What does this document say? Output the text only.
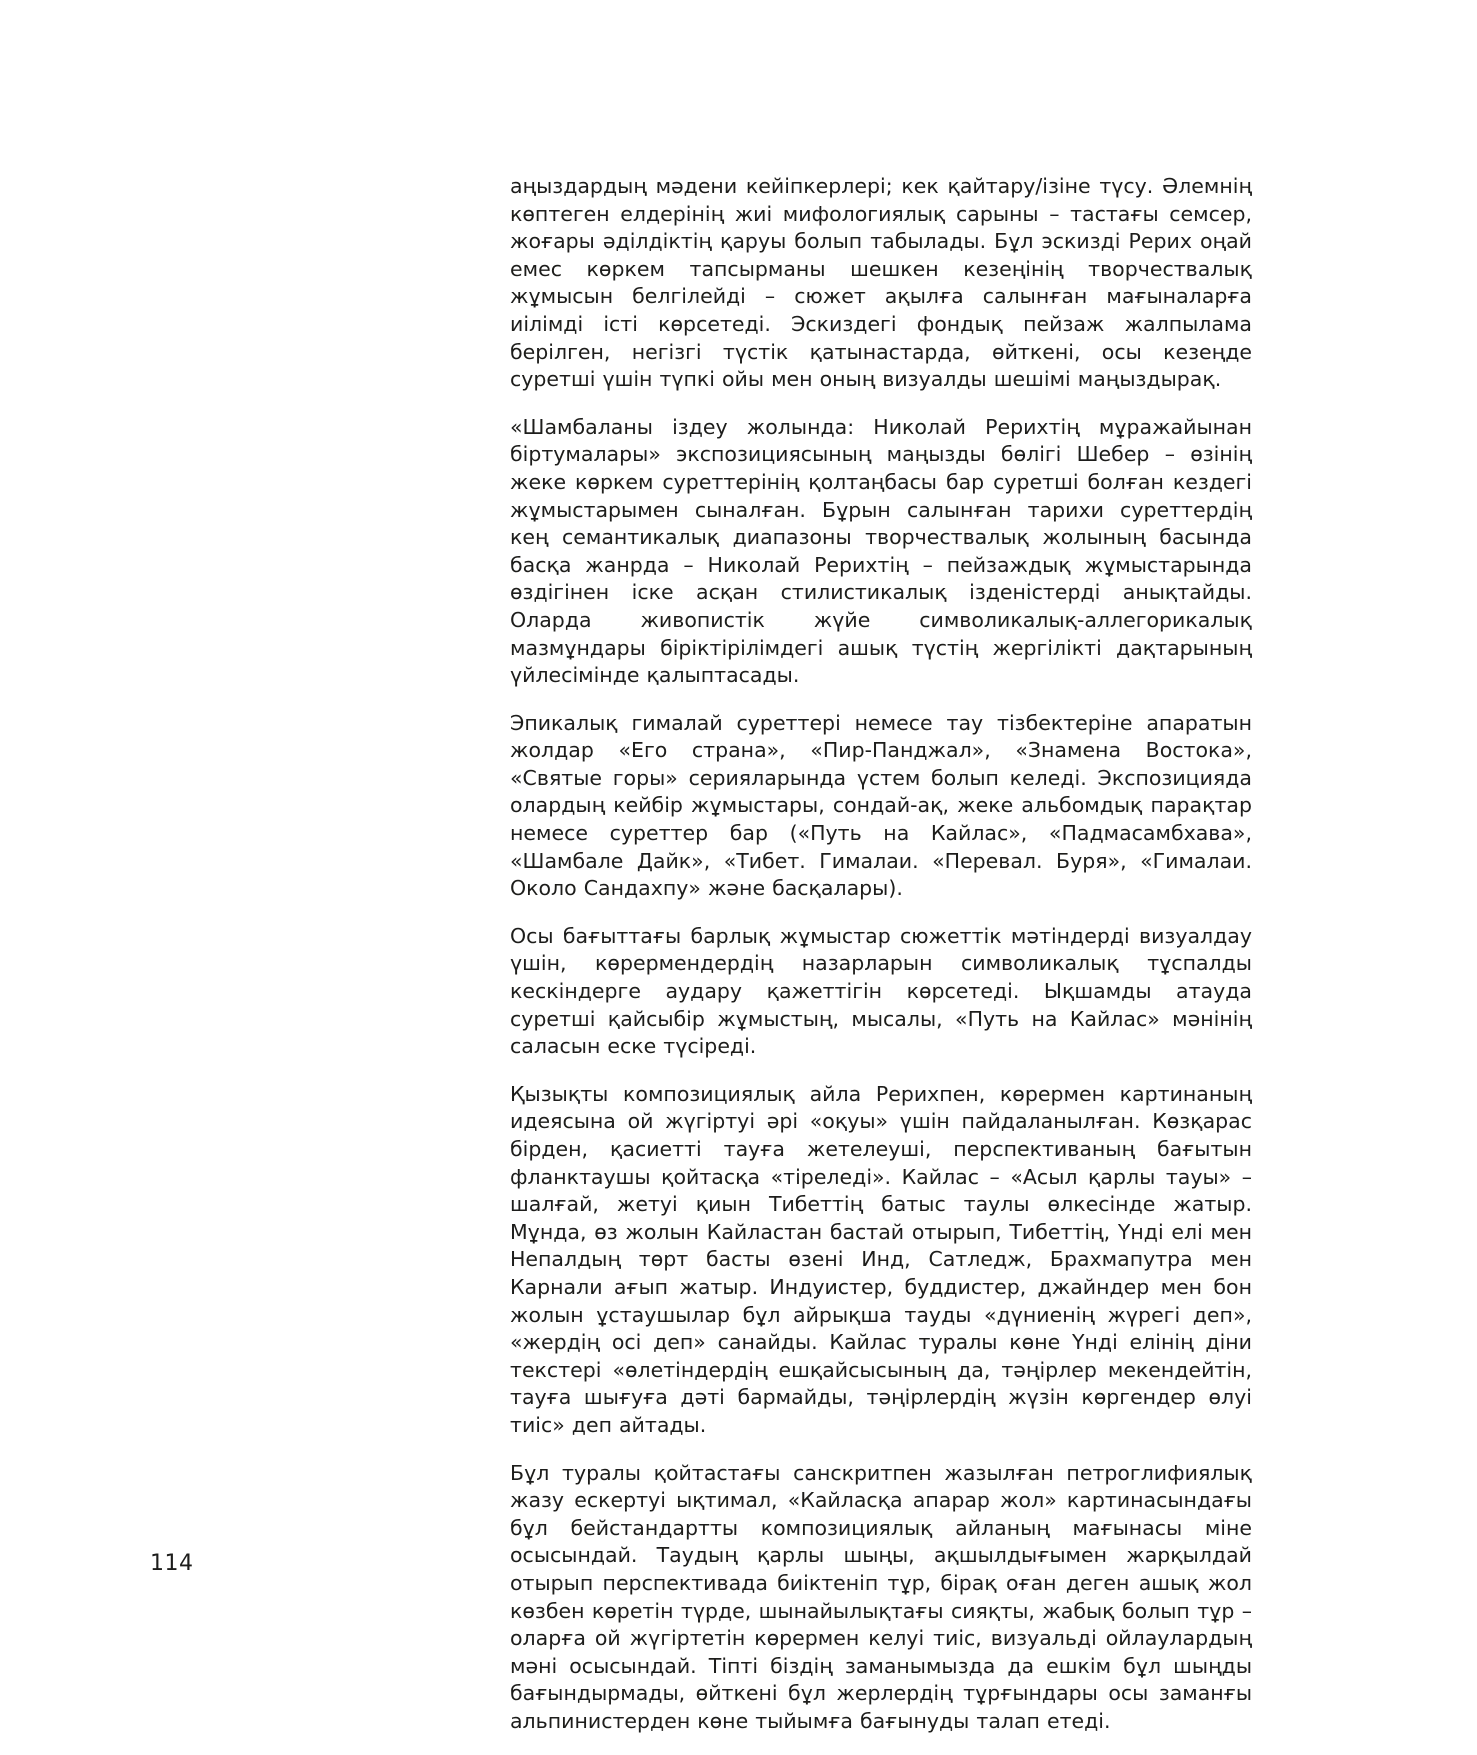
аңыздардың мәдени кейіпкерлері; кек қайтару/ізіне түсу. Әлемнің көптеген елдерінің жиі мифологиялық сарыны – тастағы семсер, жоғары әділдіктің қаруы болып табылады. Бұл эскизді Рерих оңай емес көркем тапсырманы шешкен кезеңінің творчествалық жұмысын белгілейді – сюжет ақылға салынған мағыналарға иілімді істі көрсетеді. Эскиздегі фондық пейзаж жалпылама берілген, негізгі түстік қатынастарда, өйткені, осы кезеңде суретші үшін түпкі ойы мен оның визуалды шешімі маңыздырақ.

«Шамбаланы іздеу жолында: Николай Рерихтің мұражайынан біртумалары» экспозициясының маңызды бөлігі Шебер – өзінің жеке көркем суреттерінің қолтаңбасы бар суретші болған кездегі жұмыстарымен сыналған. Бұрын салынған тарихи суреттердің кең семантикалық диапазоны творчествалық жолының басында басқа жанрда – Николай Рерихтің – пейзаждық жұмыстарында өздігінен іске асқан стилистикалық ізденістерді анықтайды. Оларда живопистік жүйе символикалық-аллегорикалық мазмұндары біріктірілімдегі ашық түстің жергілікті дақтарының үйлесімінде қалыптасады.

Эпикалық гималай суреттері немесе тау тізбектеріне апаратын жолдар «Его страна», «Пир-Панджал», «Знамена Востока», «Святые горы» серияларында үстем болып келеді. Экспозицияда олардың кейбір жұмыстары, сондай-ақ, жеке альбомдық парақтар немесе суреттер бар («Путь на Кайлас», «Падмасамбхава», «Шамбале Дайк», «Тибет. Гималаи. «Перевал. Буря», «Гималаи. Около Сандахпу» және басқалары).

Осы бағыттағы барлық жұмыстар сюжеттік мәтіндерді визуалдау үшін, көрермендердің назарларын символикалық тұспалды кескіндерге аудару қажеттігін көрсетеді. Ықшамды атауда суретші қайсыбір жұмыстың, мысалы, «Путь на Кайлас» мәнінің саласын еске түсіреді.

Қызықты композициялық айла Рерихпен, көрермен картинаның идеясына ой жүгіртуі әрі «оқуы» үшін пайдаланылған. Көзқарас бірден, қасиетті тауға жетелеуші, перспективаның бағытын фланктаушы қойтасқа «тіреледі». Кайлас – «Асыл қарлы тауы» – шалғай, жетуі қиын Тибеттің батыс таулы өлкесінде жатыр. Мұнда, өз жолын Кайластан бастай отырып, Тибеттің, Үнді елі мен Непалдың төрт басты өзені Инд, Сатледж, Брахмапутра мен Карнали ағып жатыр. Индуистер, буддистер, джайндер мен бон жолын ұстаушылар бұл айрықша тауды «дүниенің жүрегі деп», «жердің осі деп» санайды. Кайлас туралы көне Үнді елінің діни текстері «өлетіндердің ешқайсысының да, тәңірлер мекендейтін, тауға шығуға дәті бармайды, тәңірлердің жүзін көргендер өлуі тиіс» деп айтады.

Бұл туралы қойтастағы санскритпен жазылған петроглифиялық жазу ескертуі ықтимал, «Кайласқа апарар жол» картинасындағы бұл бейстандартты композициялық айланың мағынасы міне осысындай. Таудың қарлы шыңы, ақшылдығымен жарқылдай отырып перспективада биіктеніп тұр, бірақ оған деген ашық жол көзбен көретін түрде, шынайылықтағы сияқты, жабық болып тұр – оларға ой жүгіртетін көрермен келуі тиіс, визуальді ойлаулардың мәні осысындай. Тіпті біздің заманымызда да ешкім бұл шыңды бағындырмады, өйткені бұл жерлердің тұрғындары осы заманғы альпинистерден көне тыйымға бағынуды талап етеді.

114
